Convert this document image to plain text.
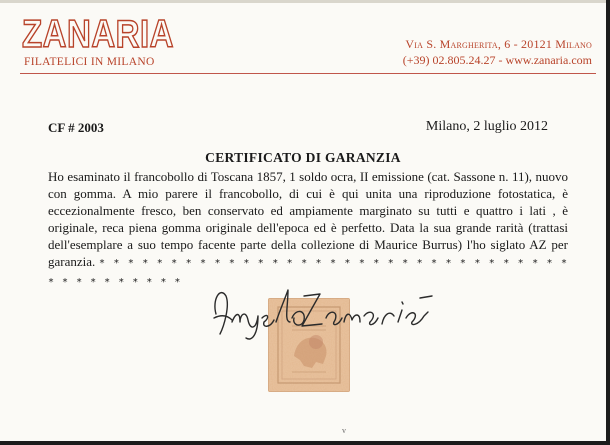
ZANARIA
FILATELICI IN MILANO
Via S. Margherita, 6 - 20121 Milano
(+39) 02.805.24.27 - www.zanaria.com
CF # 2003	Milano, 2 luglio 2012
CERTIFICATO DI GARANZIA
Ho esaminato il francobollo di Toscana 1857, 1 soldo ocra, II emissione (cat. Sassone n. 11), nuovo con gomma. A mio parere il francobollo, di cui è qui unita una riproduzione fotostatica, è eccezionalmente fresco, ben conservato ed ampiamente marginato su tutti e quattro i lati , è originale, reca piena gomma originale dell'epoca ed è perfetto. Data la sua grande rarità (trattasi dell'esemplare a suo tempo facente parte della collezione di Maurice Burrus) l'ho siglato AZ per garanzia. * * * * * * * * * * * * * * * * * * * * * * * * * * * * * * * * * * * * * * * * * * *
v
